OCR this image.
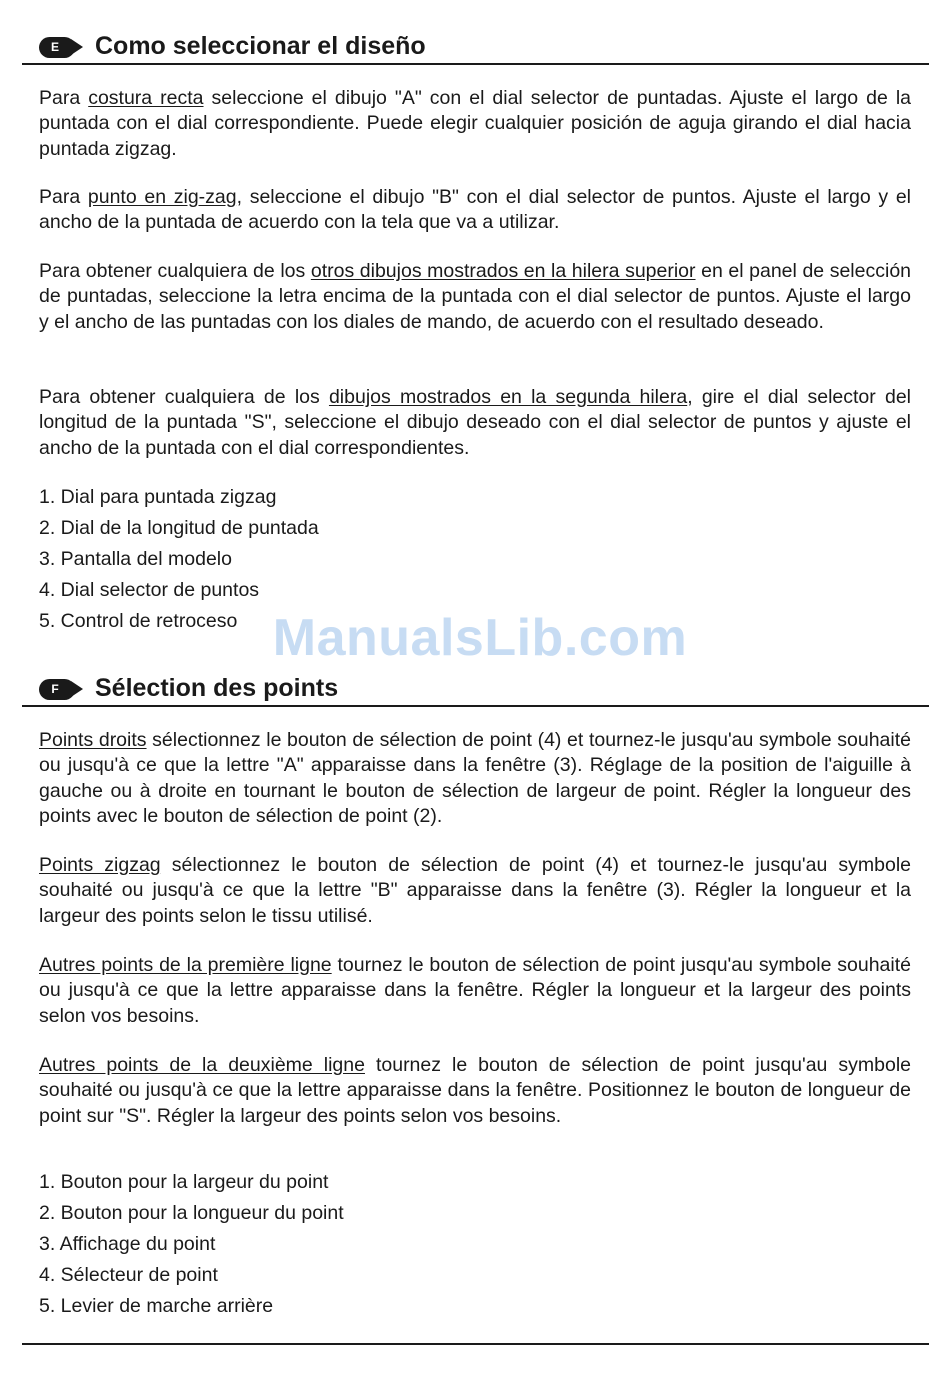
E	Como seleccionar el diseño

Para costura recta seleccione el dibujo "A" con el dial selector de puntadas. Ajuste el largo de la puntada con el dial correspondiente. Puede elegir cualquier posición de aguja girando el dial hacia puntada zigzag.

Para punto en zig-zag, seleccione el dibujo "B" con el dial selector de puntos. Ajuste el largo y el ancho de la puntada de acuerdo con la tela que va a utilizar.

Para obtener cualquiera de los otros dibujos mostrados en la hilera superior en el panel de selección de puntadas, seleccione la letra encima de la puntada con el dial selector de puntos. Ajuste el largo y el ancho de las puntadas con los diales de mando, de acuerdo con el resultado deseado.

Para obtener cualquiera de los dibujos mostrados en la segunda hilera, gire el dial selector del longitud de la puntada "S", seleccione el dibujo deseado con el dial selector de puntos y ajuste el ancho de la puntada con el dial correspondientes.

1. Dial para puntada zigzag
2. Dial de la longitud de puntada
3. Pantalla del modelo
4. Dial selector de puntos
5. Control de retroceso ManualsLib.com
F	Sélection des points

Points droits sélectionnez le bouton de sélection de point (4) et tournez-le jusqu'au symbole souhaité ou jusqu'à ce que la lettre "A" apparaisse dans la fenêtre (3). Réglage de la position de l'aiguille à gauche ou à droite en tournant le bouton de sélection de largeur de point. Régler la longueur des points avec le bouton de sélection de point (2).

Points zigzag sélectionnez le bouton de sélection de point (4) et tournez-le jusqu'au symbole souhaité ou jusqu'à ce que la lettre "B" apparaisse dans la fenêtre (3). Régler la longueur et la largeur des points selon le tissu utilisé.

Autres points de la première ligne tournez le bouton de sélection de point jusqu'au symbole souhaité ou jusqu'à ce que la lettre apparaisse dans la fenêtre. Régler la longueur et la largeur des points selon vos besoins.

Autres points de la deuxième ligne tournez le bouton de sélection de point jusqu'au symbole souhaité ou jusqu'à ce que la lettre apparaisse dans la fenêtre. Positionnez le bouton de longueur de point sur "S". Régler la largeur des points selon vos besoins.

1. Bouton pour la largeur du point
2. Bouton pour la longueur du point
3. Affichage du point
4. Sélecteur de point
5. Levier de marche arrière
